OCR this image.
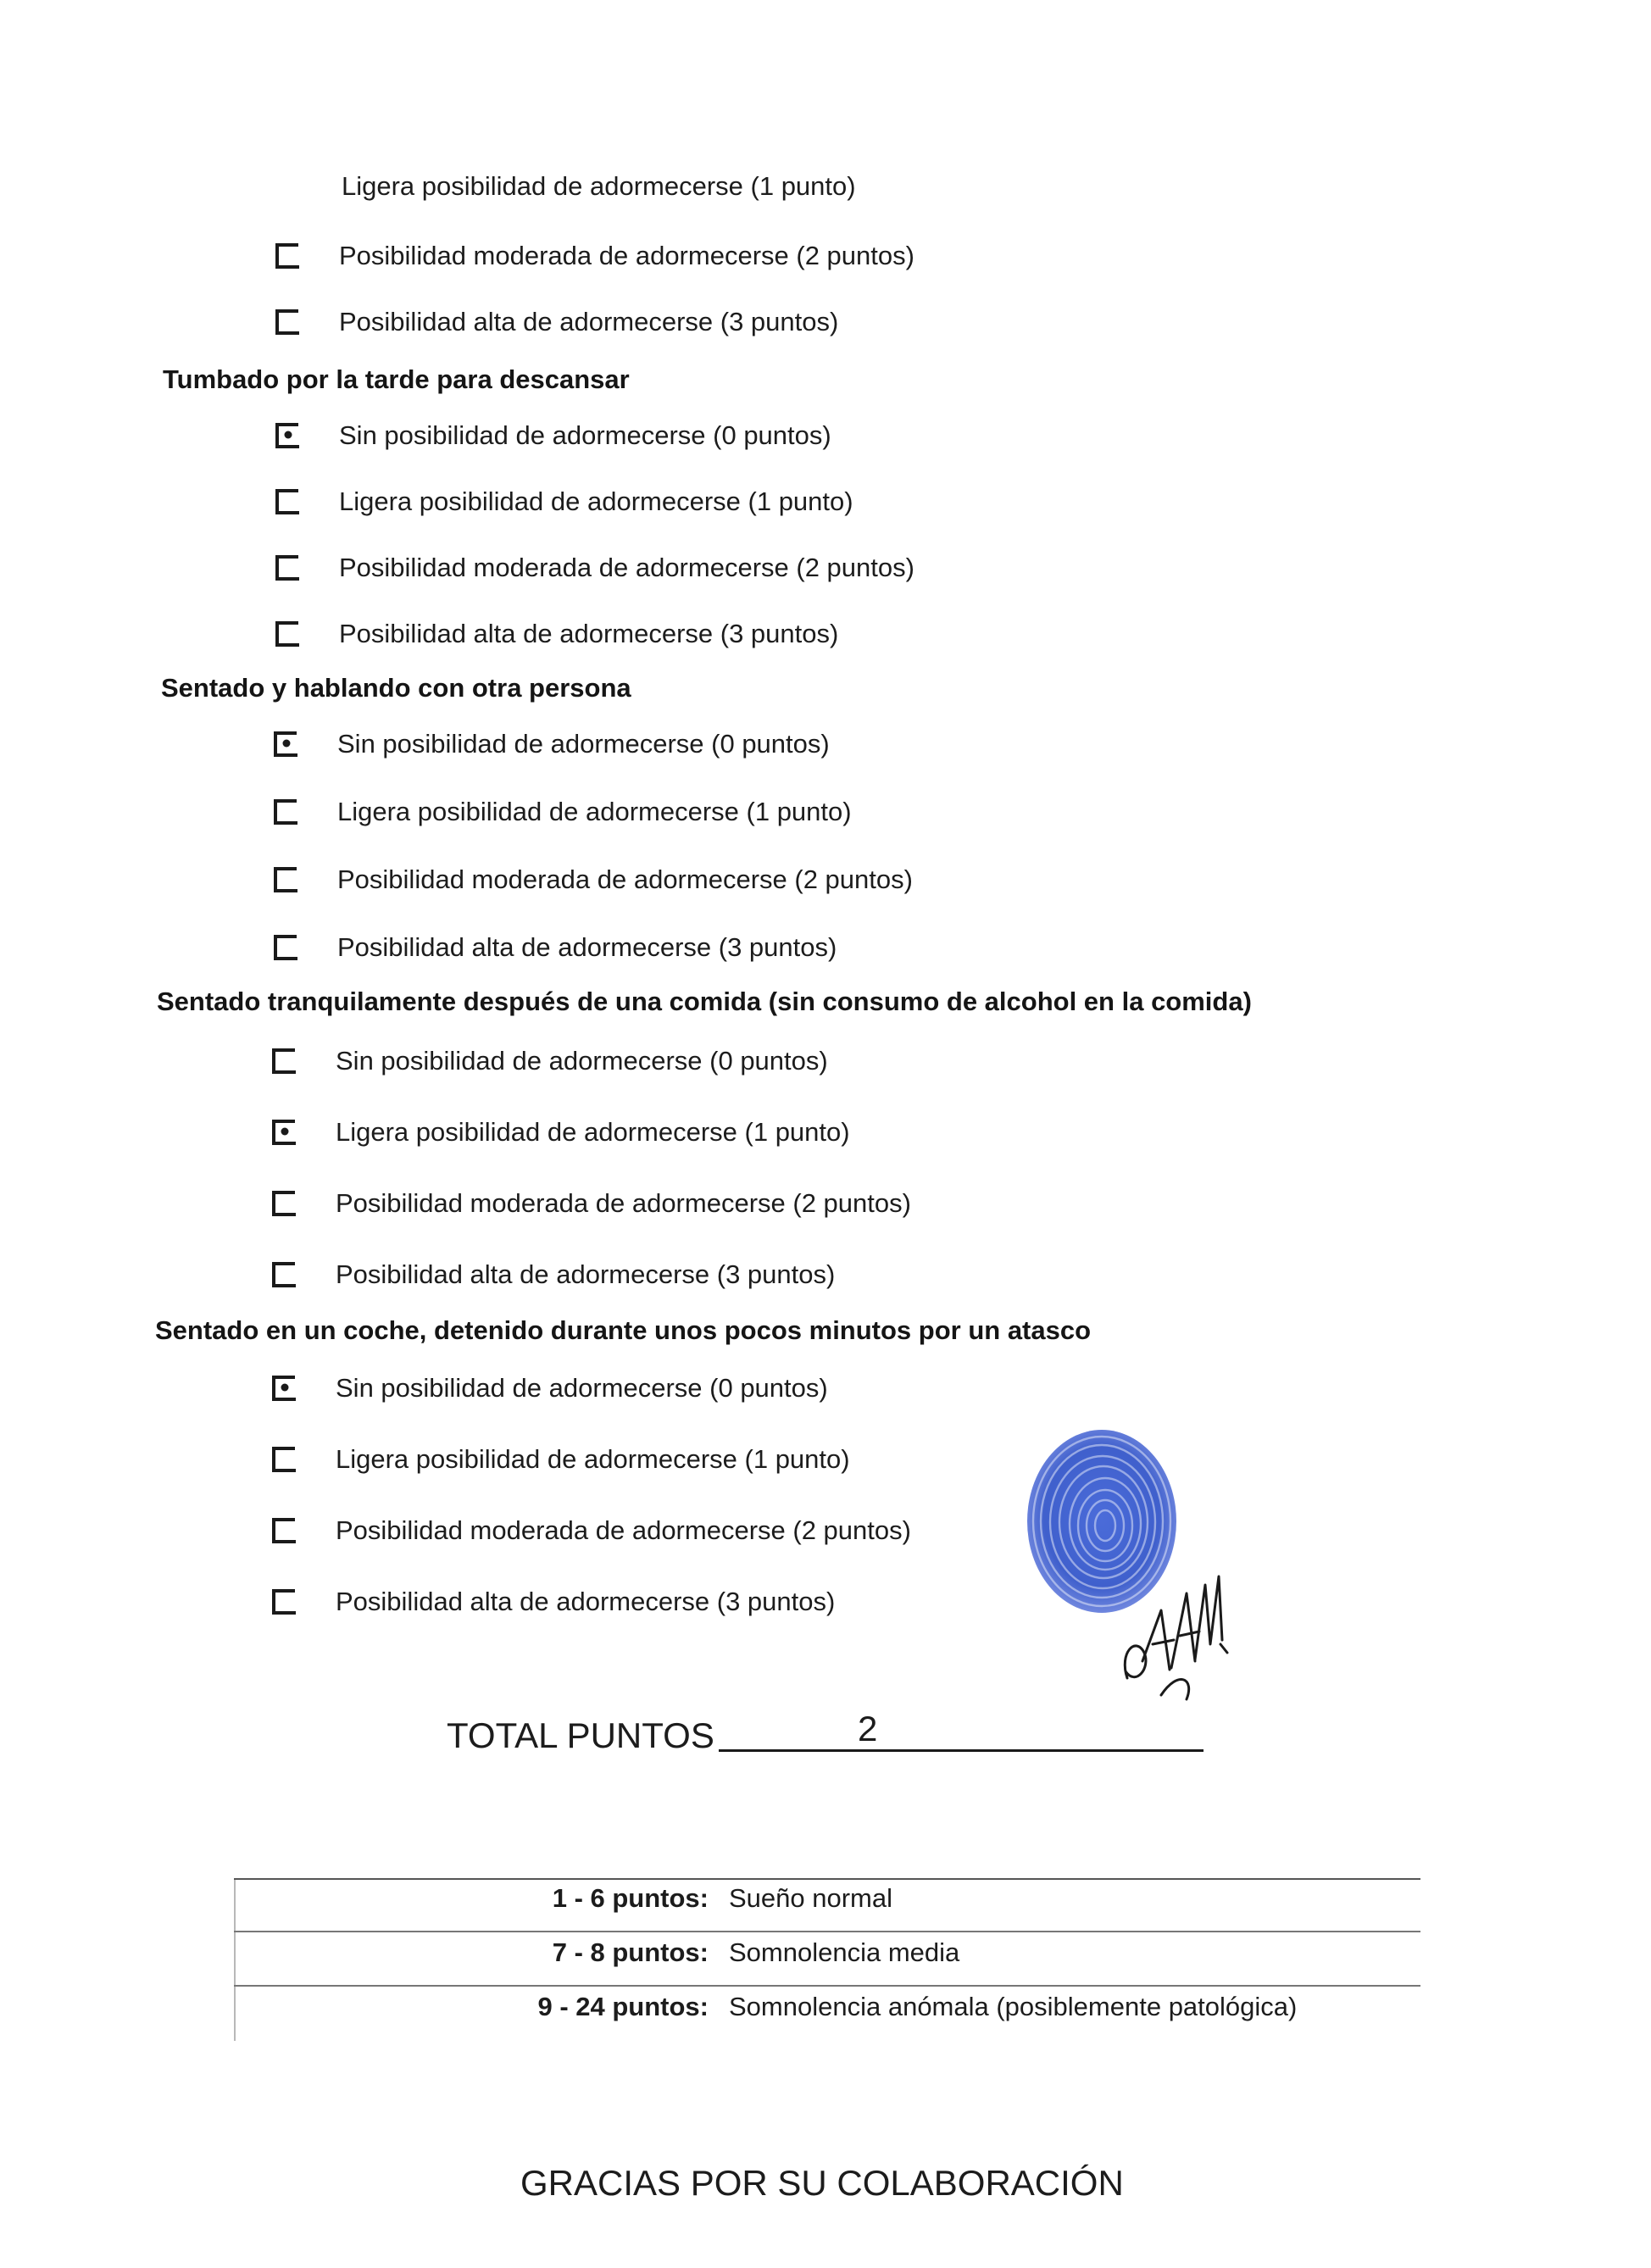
Ligera posibilidad de adormecerse (1 punto)
Posibilidad moderada de adormecerse (2 puntos)
Posibilidad alta de adormecerse (3 puntos)
Tumbado por la tarde para descansar
Sin posibilidad de adormecerse (0 puntos)
Ligera posibilidad de adormecerse (1 punto)
Posibilidad moderada de adormecerse (2 puntos)
Posibilidad alta de adormecerse (3 puntos)
Sentado y hablando con otra persona
Sin posibilidad de adormecerse (0 puntos)
Ligera posibilidad de adormecerse (1 punto)
Posibilidad moderada de adormecerse (2 puntos)
Posibilidad alta de adormecerse (3 puntos)
Sentado tranquilamente después de una comida (sin consumo de alcohol en la comida)
Sin posibilidad de adormecerse (0 puntos)
Ligera posibilidad de adormecerse (1 punto)
Posibilidad moderada de adormecerse (2 puntos)
Posibilidad alta de adormecerse (3 puntos)
Sentado en un coche, detenido durante unos pocos minutos por un atasco
Sin posibilidad de adormecerse (0 puntos)
Ligera posibilidad de adormecerse (1 punto)
Posibilidad moderada de adormecerse (2 puntos)
Posibilidad alta de adormecerse (3 puntos)
TOTAL PUNTOS	2
1 - 6 puntos: Sueño normal
7 - 8 puntos: Somnolencia media
9 - 24 puntos: Somnolencia anómala (posiblemente patológica)
GRACIAS POR SU COLABORACIÓN
